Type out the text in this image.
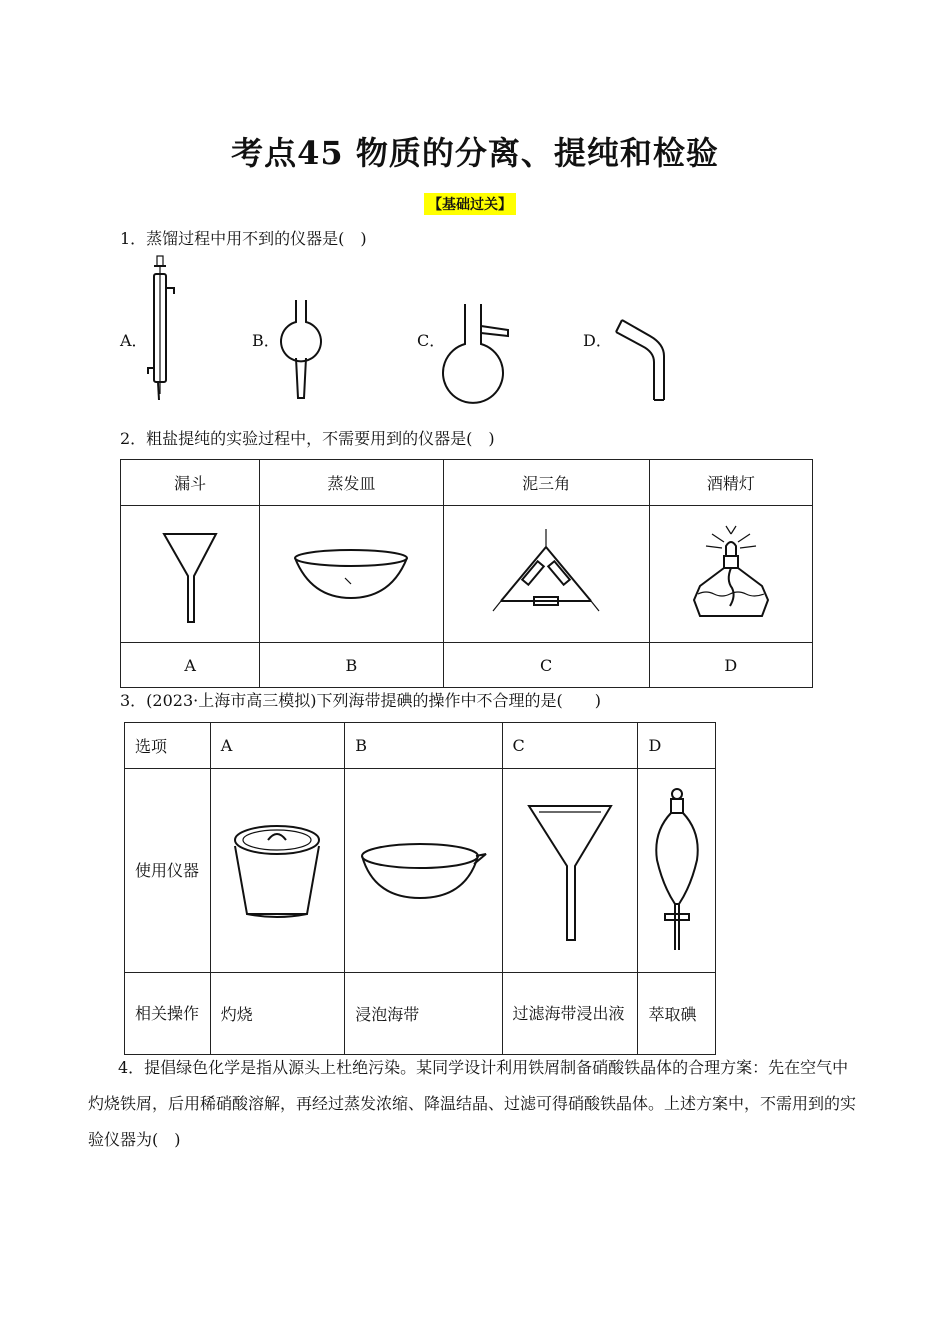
考点45 物质的分离、提纯和检验
【基础过关】
1．蒸馏过程中用不到的仪器是(　)
A．	B．	C．	D．
2．粗盐提纯的实验过程中，不需要用到的仪器是(　)
漏斗	蒸发皿	泥三角	酒精灯

A	B	C	D
3．(2023·上海市高三模拟)下列海带提碘的操作中不合理的是(　　)
选项	A	B	C	D
使用仪器	

相关操作	灼烧	浸泡海带	过滤海带浸出液	萃取碘
4．提倡绿色化学是指从源头上杜绝污染。某同学设计利用铁屑制备硝酸铁晶体的合理方案：先在空气中灼烧铁屑，后用稀硝酸溶解，再经过蒸发浓缩、降温结晶、过滤可得硝酸铁晶体。上述方案中，不需用到的实验仪器为(　)
